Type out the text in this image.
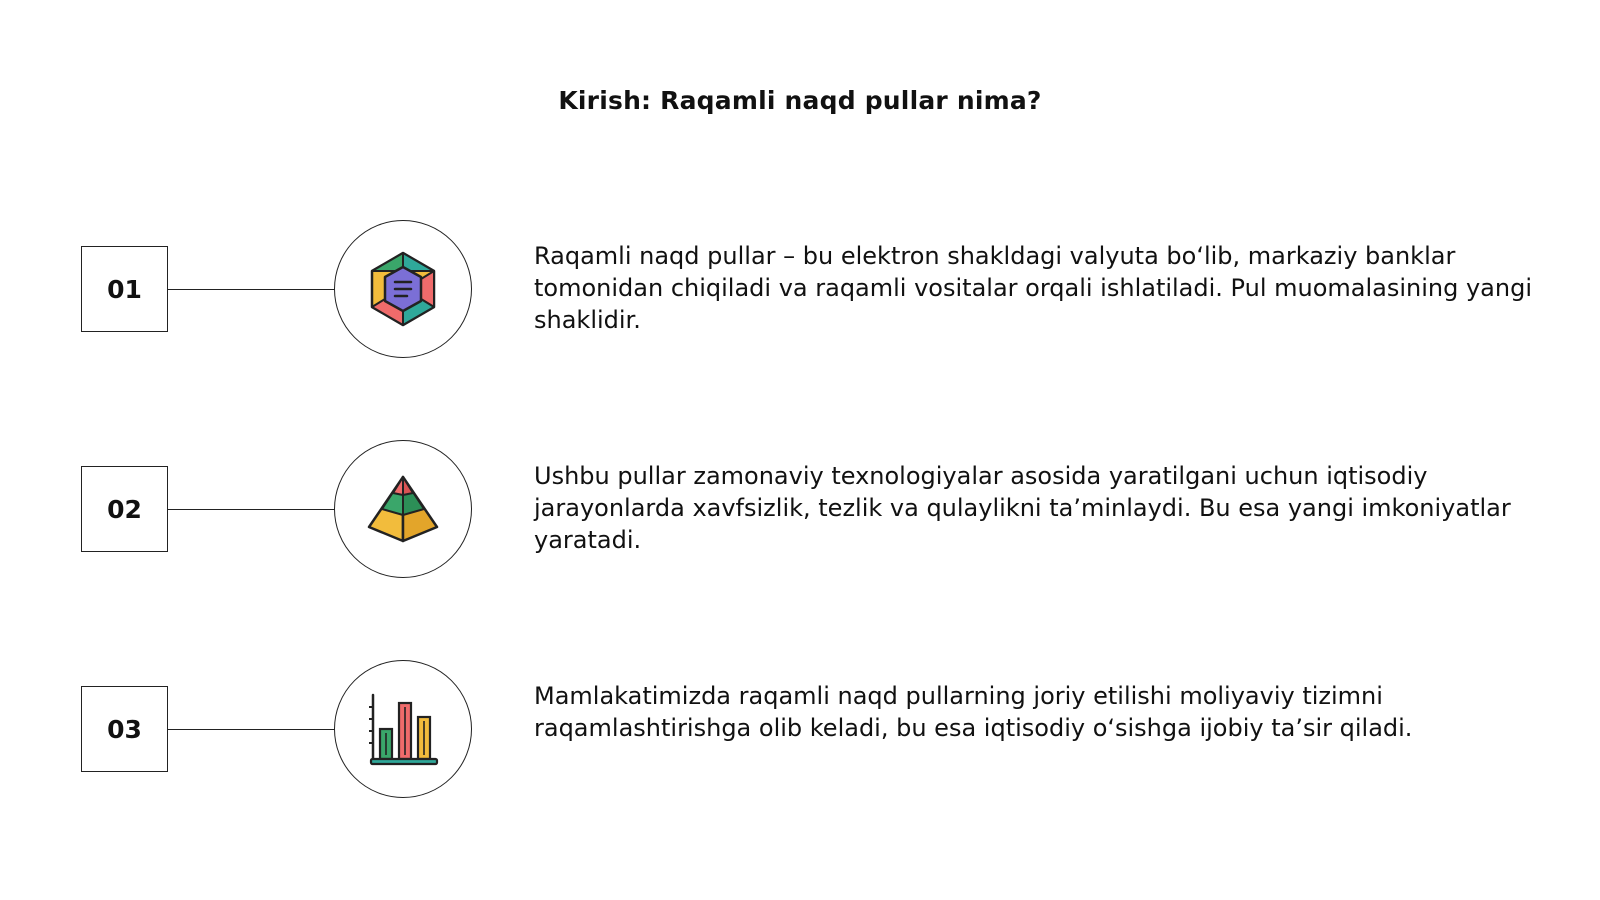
Kirish: Raqamli naqd pullar nima?
01

Raqamli naqd pullar – bu elektron shakldagi valyuta bo‘lib, markaziy banklar tomonidan chiqiladi va raqamli vositalar orqali ishlatiladi. Pul muomalasining yangi shaklidir.

02

Ushbu pullar zamonaviy texnologiyalar asosida yaratilgani uchun iqtisodiy jarayonlarda xavfsizlik, tezlik va qulaylikni ta’minlaydi. Bu esa yangi imkoniyatlar yaratadi.

03

Mamlakatimizda raqamli naqd pullarning joriy etilishi moliyaviy tizimni raqamlashtirishga olib keladi, bu esa iqtisodiy o‘sishga ijobiy ta’sir qiladi.
